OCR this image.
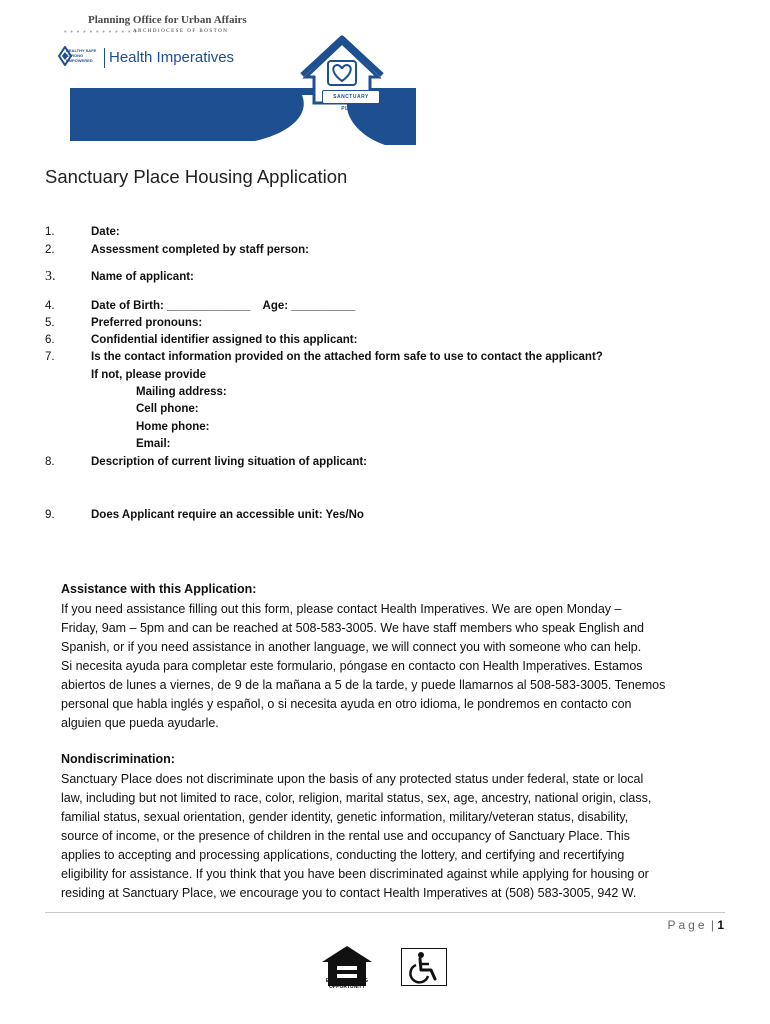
• • • • • • • • • • • •
Planning Office for Urban Affairs
ARCHDIOCESE OF BOSTON
HEALTHY SAFE STRONG EMPOWERED	Health Imperatives
SANCTUARY PLACE
Sanctuary Place Housing Application
1.	Date:
2.	Assessment completed by staff person:
3.	Name of applicant:
4.	Date of Birth: _____________    Age: __________
5.	Preferred pronouns:
6.	Confidential identifier assigned to this applicant:
7.	Is the contact information provided on the attached form safe to use to contact the applicant?
If not, please provide
Mailing address:
Cell phone:
Home phone:
Email:
8.	Description of current living situation of applicant:
9.	Does Applicant require an accessible unit: Yes/No
Assistance with this Application:
If you need assistance filling out this form, please contact Health Imperatives. We are open Monday –
Friday, 9am – 5pm and can be reached at 508-583-3005. We have staff members who speak English and
Spanish, or if you need assistance in another language, we will connect you with someone who can help.
Si necesita ayuda para completar este formulario, póngase en contacto con Health Imperatives. Estamos
abiertos de lunes a viernes, de 9 de la mañana a 5 de la tarde, y puede llamarnos al 508-583-3005. Tenemos
personal que habla inglés y español, o si necesita ayuda en otro idioma, le pondremos en contacto con
alguien que pueda ayudarle.
Nondiscrimination:
Sanctuary Place does not discriminate upon the basis of any protected status under federal, state or local
law, including but not limited to race, color, religion, marital status, sex, age, ancestry, national origin, class,
familial status, sexual orientation, gender identity, genetic information, military/veteran status, disability,
source of income, or the presence of children in the rental use and occupancy of Sanctuary Place. This
applies to accepting and processing applications, conducting the lottery, and certifying and recertifying
eligibility for assistance. If you think that you have been discriminated against while applying for housing or
residing at Sanctuary Place, we encourage you to contact Health Imperatives at (508) 583-3005, 942 W.
Page | 1
EQUAL HOUSING OPPORTUNITY
